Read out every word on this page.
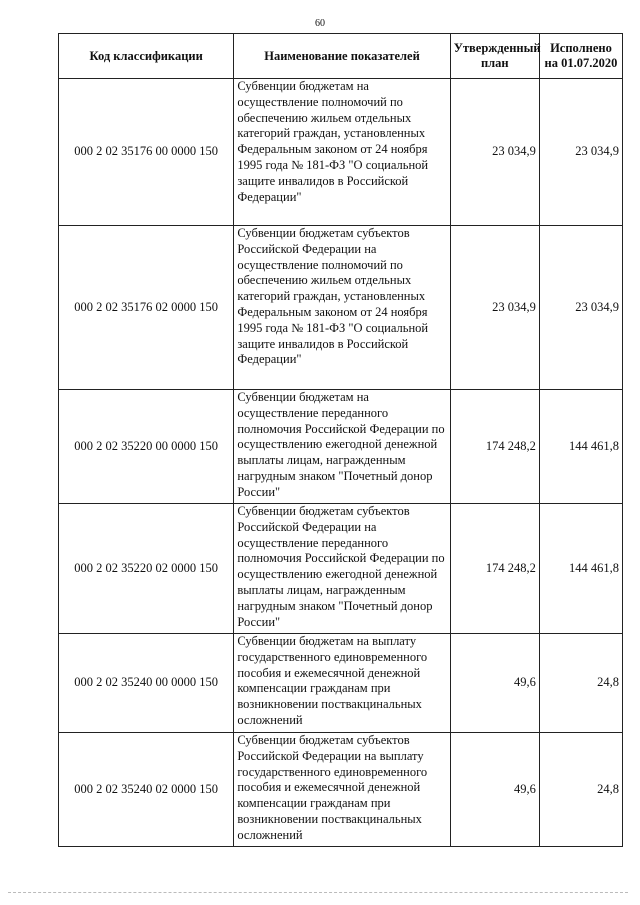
60
Код классификации	Наименование показателей	Утвержденный план	Исполнено на 01.07.2020
000 2 02 35176 00 0000 150	Субвенции бюджетам на осуществление полномочий по обеспечению жильем отдельных категорий граждан, установленных Федеральным законом от 24 ноября 1995 года № 181-ФЗ "О социальной защите инвалидов в Российской Федерации"	23 034,9	23 034,9
000 2 02 35176 02 0000 150	Субвенции бюджетам субъектов Российской Федерации на осуществление полномочий по обеспечению жильем отдельных категорий граждан, установленных Федеральным законом от 24 ноября 1995 года № 181-ФЗ "О социальной защите инвалидов в Российской Федерации"	23 034,9	23 034,9
000 2 02 35220 00 0000 150	Субвенции бюджетам на осуществление переданного полномочия Российской Федерации по осуществлению ежегодной денежной выплаты лицам, награжденным нагрудным знаком "Почетный донор России"	174 248,2	144 461,8
000 2 02 35220 02 0000 150	Субвенции бюджетам субъектов Российской Федерации на осуществление переданного полномочия Российской Федерации по осуществлению ежегодной денежной выплаты лицам, награжденным нагрудным знаком "Почетный донор России"	174 248,2	144 461,8
000 2 02 35240 00 0000 150	Субвенции бюджетам на выплату государственного единовременного пособия и ежемесячной денежной компенсации гражданам при возникновении поствакцинальных осложнений	49,6	24,8
000 2 02 35240 02 0000 150	Субвенции бюджетам субъектов Российской Федерации на выплату государственного единовременного пособия и ежемесячной денежной компенсации гражданам при возникновении поствакцинальных осложнений	49,6	24,8
